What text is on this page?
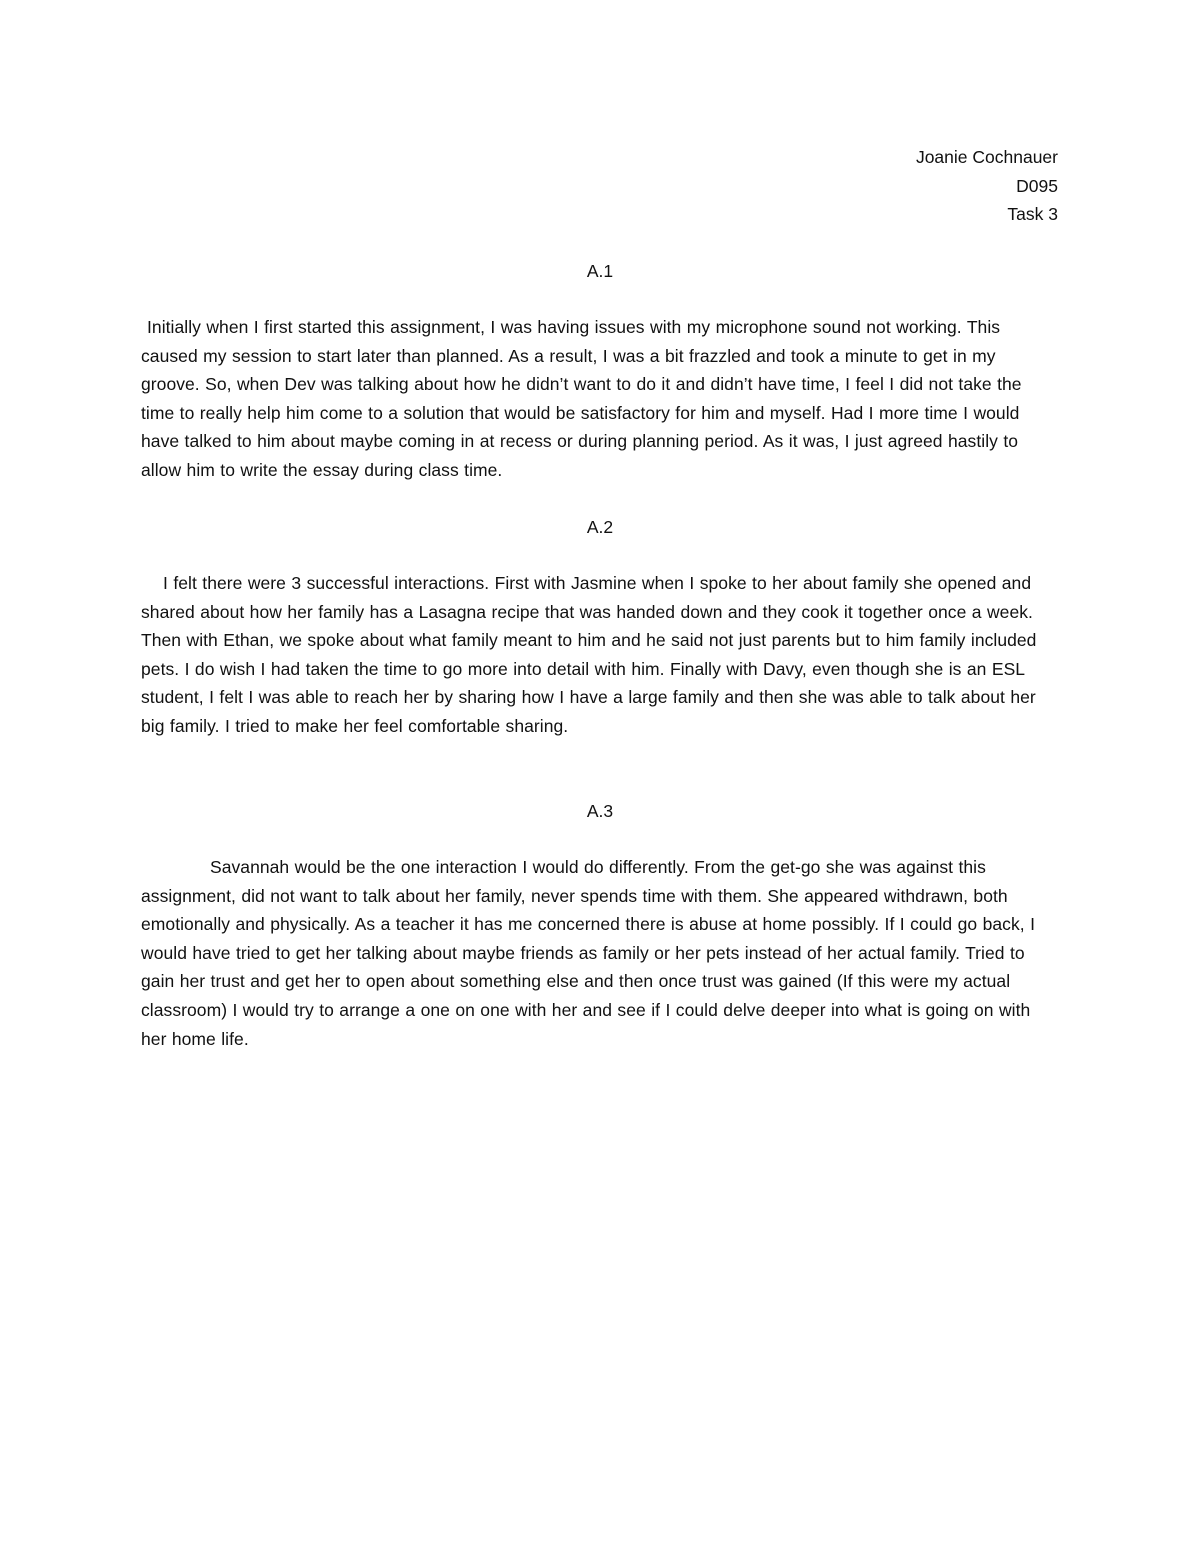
Joanie Cochnauer
D095
Task 3
A.1

Initially when I first started this assignment, I was having issues with my microphone sound not working. This caused my session to start later than planned. As a result, I was a bit frazzled and took a minute to get in my groove. So, when Dev was talking about how he didn’t want to do it and didn’t have time, I feel I did not take the time to really help him come to a solution that would be satisfactory for him and myself. Had I more time I would have talked to him about maybe coming in at recess or during planning period. As it was, I just agreed hastily to allow him to write the essay during class time.

A.2

I felt there were 3 successful interactions. First with Jasmine when I spoke to her about family she opened and shared about how her family has a Lasagna recipe that was handed down and they cook it together once a week. Then with Ethan, we spoke about what family meant to him and he said not just parents but to him family included pets. I do wish I had taken the time to go more into detail with him. Finally with Davy, even though she is an ESL student, I felt I was able to reach her by sharing how I have a large family and then she was able to talk about her big family. I tried to make her feel comfortable sharing.

A.3

Savannah would be the one interaction I would do differently. From the get-go she was against this assignment, did not want to talk about her family, never spends time with them. She appeared withdrawn, both emotionally and physically. As a teacher it has me concerned there is abuse at home possibly. If I could go back, I would have tried to get her talking about maybe friends as family or her pets instead of her actual family. Tried to gain her trust and get her to open about something else and then once trust was gained (If this were my actual classroom) I would try to arrange a one on one with her and see if I could delve deeper into what is going on with her home life.
